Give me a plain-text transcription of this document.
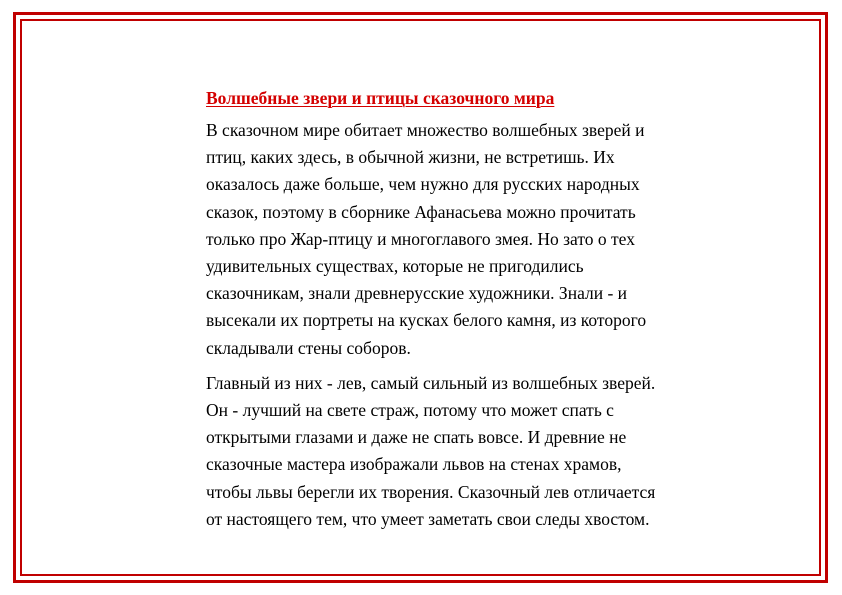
Волшебные звери и птицы сказочного мира

В сказочном мире обитает множество волшебных зверей и
птиц, каких здесь, в обычной жизни, не встретишь. Их
оказалось даже больше, чем нужно для русских народных
сказок, поэтому в сборнике Афанасьева можно прочитать
только про Жар-птицу и многоглавого змея. Но зато о тех
удивительных существах, которые не пригодились
сказочникам, знали древнерусские художники. Знали - и
высекали их портреты на кусках белого камня, из которого
складывали стены соборов.

Главный из них - лев, самый сильный из волшебных зверей.
Он - лучший на свете страж, потому что может спать с
открытыми глазами и даже не спать вовсе. И древние не
сказочные мастера изображали львов на стенах храмов,
чтобы львы берегли их творения. Сказочный лев отличается
от настоящего тем, что умеет заметать свои следы хвостом.
